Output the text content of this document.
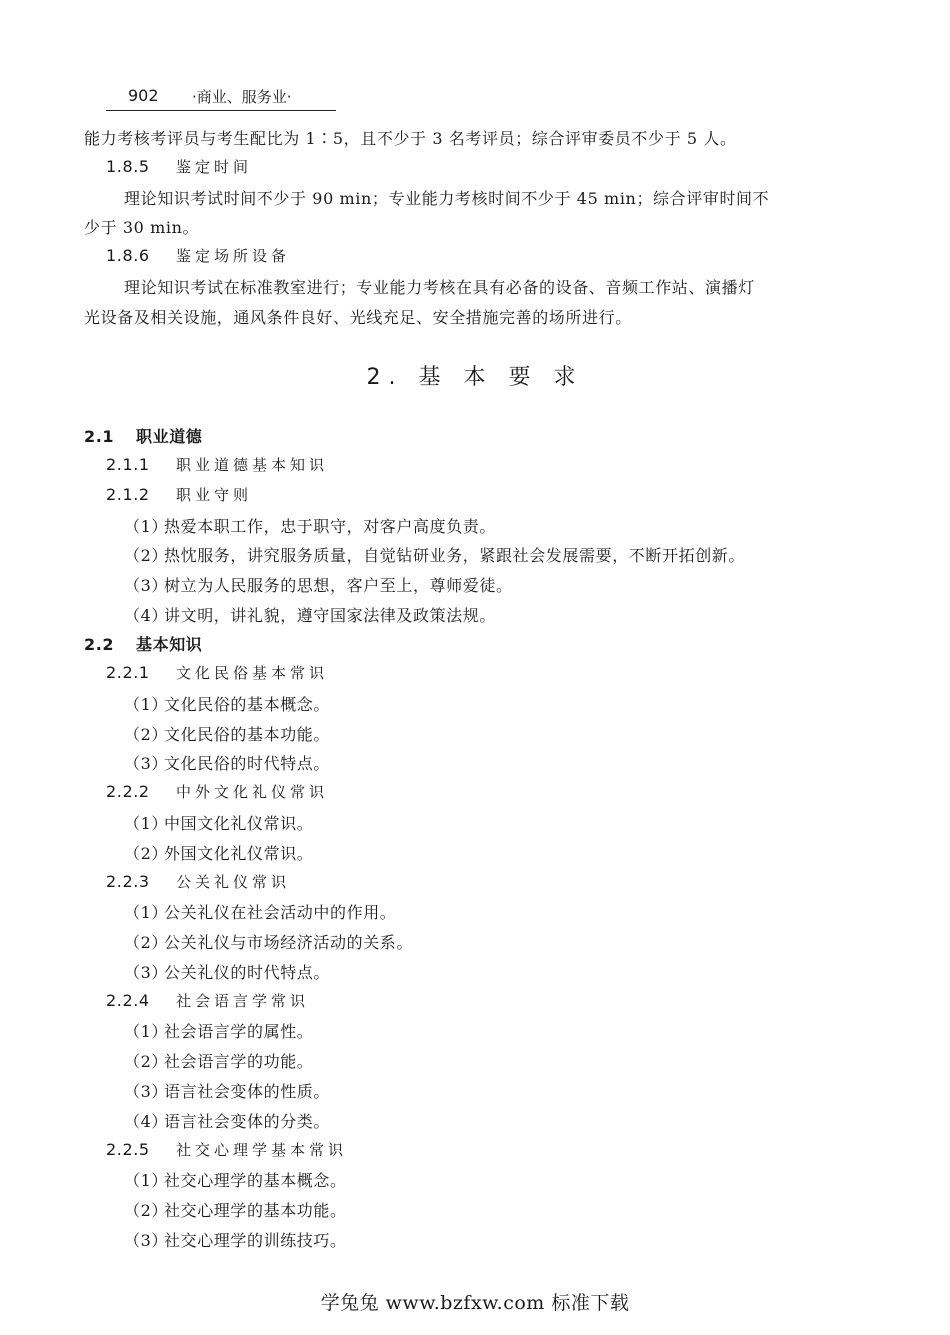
902 ·商业、服务业·
能力考核考评员与考生配比为 1∶5，且不少于 3 名考评员；综合评审委员不少于 5 人。
1.8.5 鉴定时间
理论知识考试时间不少于 90 min；专业能力考核时间不少于 45 min；综合评审时间不
少于 30 min。
1.8.6 鉴定场所设备
理论知识考试在标准教室进行；专业能力考核在具有必备的设备、音频工作站、演播灯
光设备及相关设施，通风条件良好、光线充足、安全措施完善的场所进行。
2. 基 本 要 求
2.1 职业道德
2.1.1 职业道德基本知识
2.1.2 职业守则
（1）热爱本职工作，忠于职守，对客户高度负责。
（2）热忱服务，讲究服务质量，自觉钻研业务，紧跟社会发展需要，不断开拓创新。
（3）树立为人民服务的思想，客户至上，尊师爱徒。
（4）讲文明，讲礼貌，遵守国家法律及政策法规。
2.2 基本知识
2.2.1 文化民俗基本常识
（1）文化民俗的基本概念。
（2）文化民俗的基本功能。
（3）文化民俗的时代特点。
2.2.2 中外文化礼仪常识
（1）中国文化礼仪常识。
（2）外国文化礼仪常识。
2.2.3 公关礼仪常识
（1）公关礼仪在社会活动中的作用。
（2）公关礼仪与市场经济活动的关系。
（3）公关礼仪的时代特点。
2.2.4 社会语言学常识
（1）社会语言学的属性。
（2）社会语言学的功能。
（3）语言社会变体的性质。
（4）语言社会变体的分类。
2.2.5 社交心理学基本常识
（1）社交心理学的基本概念。
（2）社交心理学的基本功能。
（3）社交心理学的训练技巧。
学兔兔 www.bzfxw.com 标准下载
